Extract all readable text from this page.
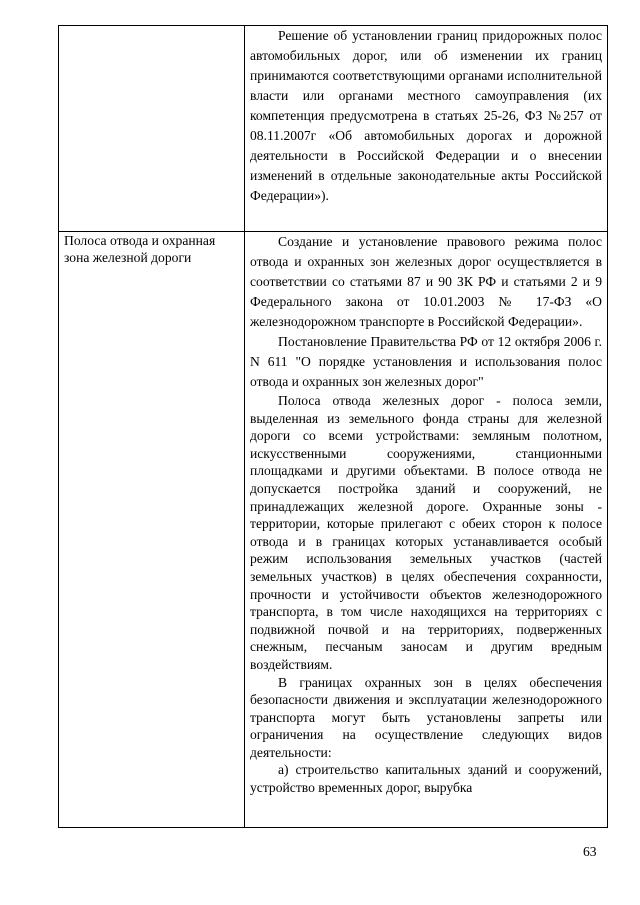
	Решение об установлении границ придорожных полос автомобильных дорог, или об изменении их границ принимаются соответствующими органами исполнительной власти или органами местного самоуправления (их компетенция предусмотрена в статьях 25-26, ФЗ №257 от 08.11.2007г «Об автомобильных дорогах и дорожной деятельности в Российской Федерации и о внесении изменений в отдельные законодательные акты Российской Федерации»).

Полоса отвода и охранная зона железной дороги	Создание и установление правового режима полос отвода и охранных зон железных дорог осуществляется в соответствии со статьями 87 и 90 ЗК РФ и статьями 2 и 9 Федерального закона от 10.01.2003 № 17-ФЗ «О железнодорожном транспорте в Российской Федерации».

Постановление Правительства РФ от 12 октября 2006 г. N 611 "О порядке установления и использования полос отвода и охранных зон железных дорог"

Полоса отвода железных дорог - полоса земли, выделенная из земельного фонда страны для железной дороги со всеми устройствами: земляным полотном, искусственными сооружениями, станционными площадками и другими объектами. В полосе отвода не допускается постройка зданий и сооружений, не принадлежащих железной дороге. Охранные зоны - территории, которые прилегают с обеих сторон к полосе отвода и в границах которых устанавливается особый режим использования земельных участков (частей земельных участков) в целях обеспечения сохранности, прочности и устойчивости объектов железнодорожного транспорта, в том числе находящихся на территориях с подвижной почвой и на территориях, подверженных снежным, песчаным заносам и другим вредным воздействиям.

В границах охранных зон в целях обеспечения безопасности движения и эксплуатации железнодорожного транспорта могут быть установлены запреты или ограничения на осуществление следующих видов деятельности:

а) строительство капитальных зданий и сооружений, устройство временных дорог, вырубка

63
